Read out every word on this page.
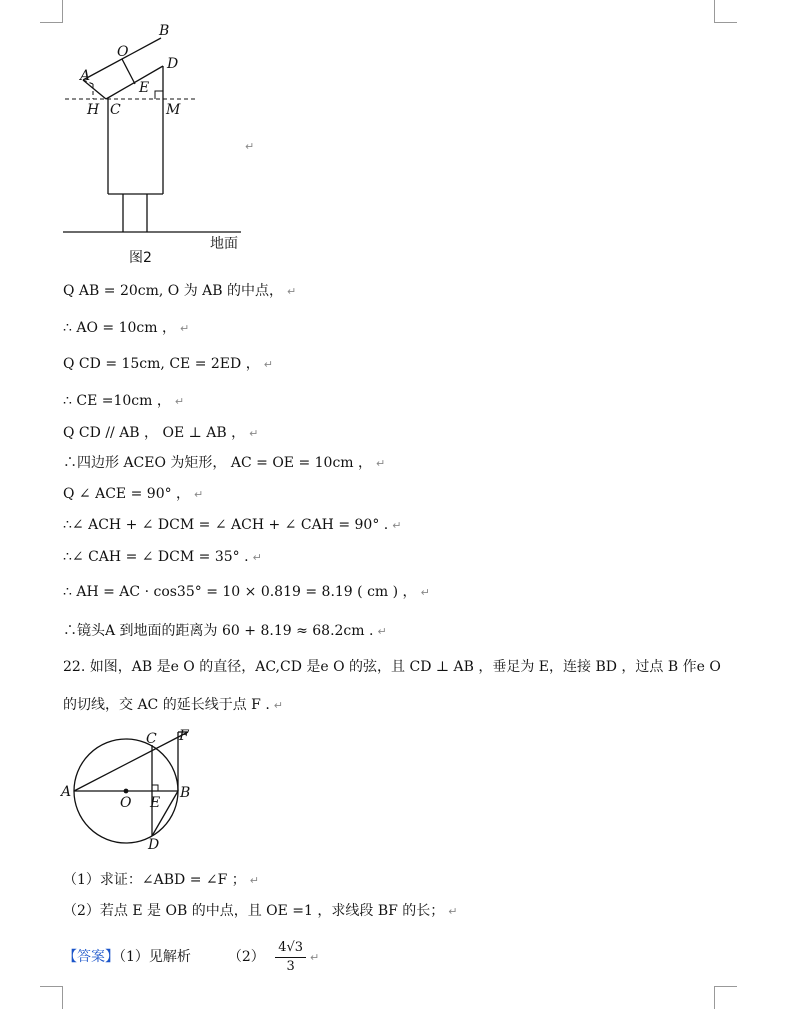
B
O
D
A
E
H C	M
地面
图2
↵
Q AB = 20cm, O 为 AB 的中点， ↵
∴ AO = 10cm ， ↵
Q CD = 15cm, CE = 2ED ， ↵
∴ CE =10cm ， ↵
Q CD // AB ， OE ⊥ AB ， ↵
∴四边形 ACEO 为矩形， AC = OE = 10cm ， ↵
Q ∠ ACE = 90° ， ↵
∴∠ ACH + ∠ DCM = ∠ ACH + ∠ CAH = 90° . ↵
∴∠ CAH = ∠ DCM = 35° . ↵
∴ AH = AC · cos35° = 10 × 0.819 = 8.19 ( cm ) ， ↵
∴镜头A 到地面的距离为 60 + 8.19 ≈ 68.2cm . ↵
22. 如图，AB 是e O 的直径，AC,CD 是e O 的弦，且 CD ⊥ AB ，垂足为 E，连接 BD ，过点 B 作e O 的切线，交 AC 的延长线于点 F . ↵
A
C F
O E
B
D
（1）求证：∠ABD = ∠F ； ↵
（2）若点 E 是 OB 的中点，且 OE =1 ，求线段 BF 的长； ↵
【答案】（1）见解析	$(2) \frac{4√3}{3}$ ↵
